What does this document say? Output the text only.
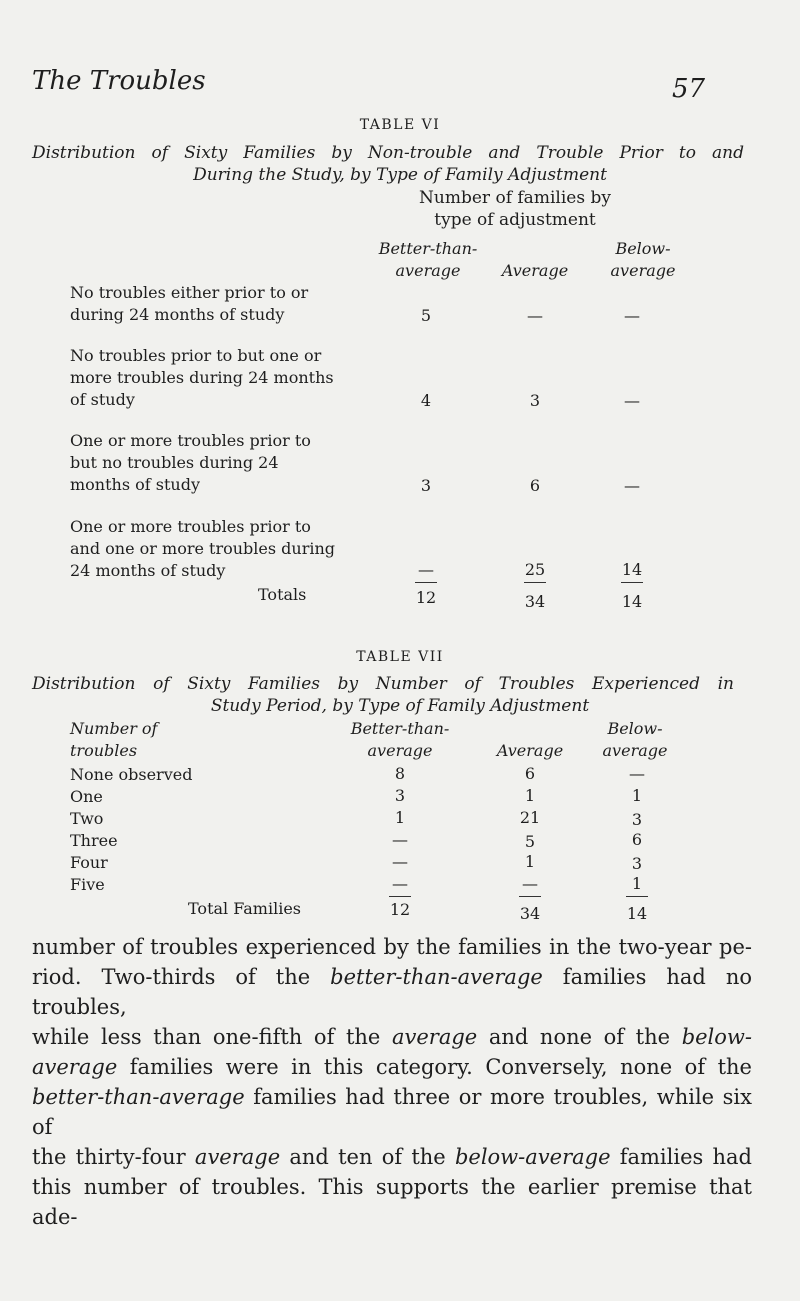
The Troubles	57
TABLE VI
Distribution of Sixty Families by Non-trouble and Trouble Prior to and
During the Study, by Type of Family Adjustment
Number of families by
type of adjustment
Better-than-
average	Average
Below-
average
No troubles either prior to or
during 24 months of study	5	—	—
No troubles prior to but one or
more troubles during 24 months
of study	4	3	—
One or more troubles prior to
but no troubles during 24
months of study	3	6	—
One or more troubles prior to
and one or more troubles during
24 months of study	—	25	14
Totals	12	34	14
TABLE VII
Distribution of Sixty Families by Number of Troubles Experienced in
Study Period, by Type of Family Adjustment
Number of
troubles
Better-than-
average	Average
Below-
average
None observed	8	6	—
One	3	1	1
Two	1	21	3
Three	—	5	6
Four	—	1	3
Five	—	—	1
Total Families	12	34	14
number of troubles experienced by the families in the two-year pe-
riod. Two-thirds of the better-than-average families had no troubles,
while less than one-fifth of the average and none of the below-
average families were in this category. Conversely, none of the
better-than-average families had three or more troubles, while six of
the thirty-four average and ten of the below-average families had
this number of troubles. This supports the earlier premise that ade-
